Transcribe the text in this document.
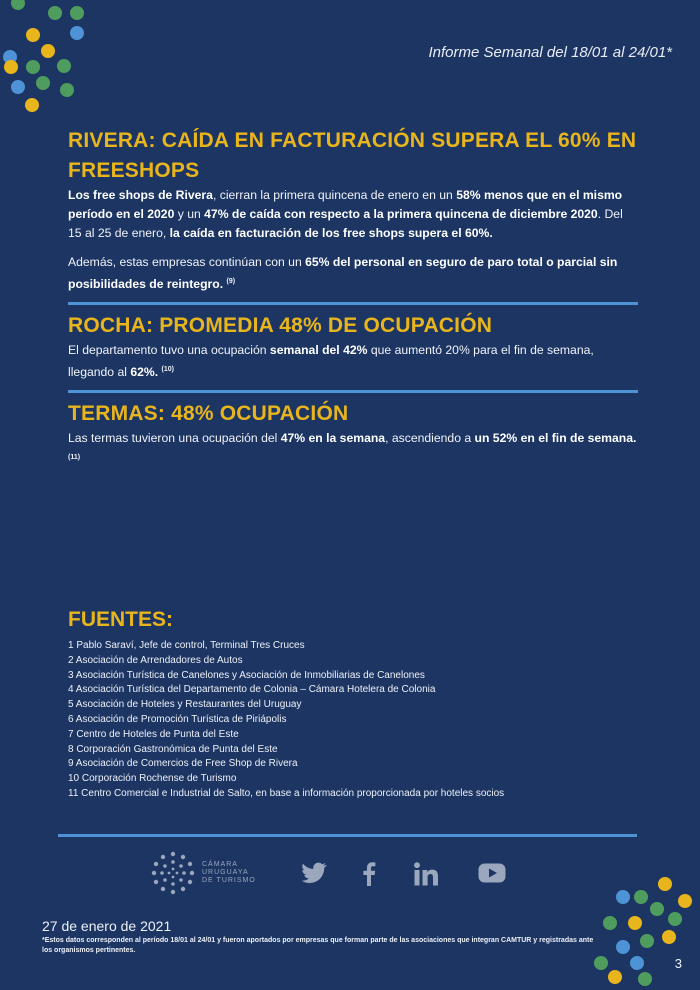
Informe Semanal del 18/01 al 24/01*
RIVERA: CAÍDA EN FACTURACIÓN SUPERA EL 60% EN FREESHOPS

Los free shops de Rivera, cierran la primera quincena de enero en un 58% menos que en el mismo período en el 2020 y un 47% de caída con respecto a la primera quincena de diciembre 2020. Del 15 al 25 de enero, la caída en facturación de los free shops supera el 60%.

Además, estas empresas continúan con un 65% del personal en seguro de paro total o parcial sin posibilidades de reintegro. $^{(9)}$

ROCHA: PROMEDIA 48% DE OCUPACIÓN

El departamento tuvo una ocupación semanal del 42% que aumentó 20% para el fin de semana, llegando al 62%. $^{(10)}$

TERMAS: 48% OCUPACIÓN

Las termas tuvieron una ocupación del 47% en la semana, ascendiendo a un 52% en el fin de semana. $^{(11)}$

FUENTES:
1 Pablo Saraví, Jefe de control, Terminal Tres Cruces
2 Asociación de Arrendadores de Autos
3 Asociación Turística de Canelones y Asociación de Inmobiliarias de Canelones
4 Asociación Turística del Departamento de Colonia – Cámara Hotelera de Colonia
5 Asociación de Hoteles y Restaurantes del Uruguay
6 Asociación de Promoción Turística de Piriápolis
7 Centro de Hoteles de Punta del Este
8 Corporación Gastronómica de Punta del Este
9 Asociación de Comercios de Free Shop de Rivera
10 Corporación Rochense de Turismo
11 Centro Comercial e Industrial de Salto, en base a información proporcionada por hoteles socios
CÁMARA
URUGUAYA
DE TURISMO
27 de enero de 2021
*Estos datos corresponden al período 18/01 al 24/01 y fueron aportados por empresas que forman parte de las asociaciones que integran CAMTUR y registradas ante los organismos pertinentes.
3
